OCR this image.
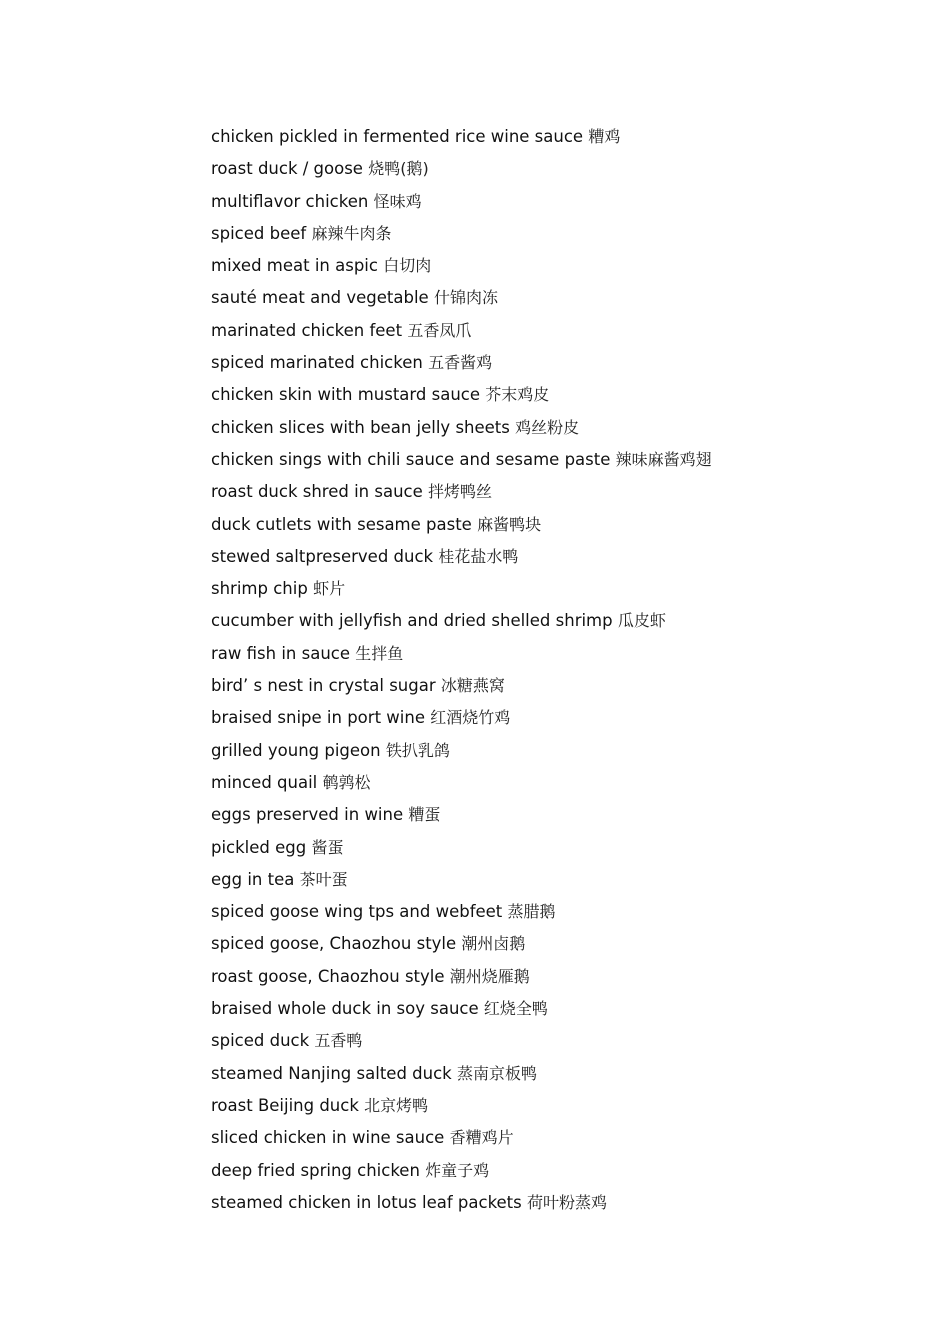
chicken pickled in fermented rice wine sauce 糟鸡
roast duck / goose 烧鸭(鹅)
multiflavor chicken 怪味鸡
spiced beef 麻辣牛肉条
mixed meat in aspic 白切肉
sauté meat and vegetable 什锦肉冻
marinated chicken feet 五香凤爪
spiced marinated chicken 五香酱鸡
chicken skin with mustard sauce 芥末鸡皮
chicken slices with bean jelly sheets 鸡丝粉皮
chicken sings with chili sauce and sesame paste 辣味麻酱鸡翅
roast duck shred in sauce 拌烤鸭丝
duck cutlets with sesame paste 麻酱鸭块
stewed saltpreserved duck 桂花盐水鸭
shrimp chip 虾片
cucumber with jellyfish and dried shelled shrimp 瓜皮虾
raw fish in sauce 生拌鱼
bird’ s nest in crystal sugar 冰糖燕窝
braised snipe in port wine 红酒烧竹鸡
grilled young pigeon 铁扒乳鸽
minced quail 鹌鹑松
eggs preserved in wine 糟蛋
pickled egg 酱蛋
egg in tea 茶叶蛋
spiced goose wing tps and webfeet 蒸腊鹅
spiced goose, Chaozhou style 潮州卤鹅
roast goose, Chaozhou style 潮州烧雁鹅
braised whole duck in soy sauce 红烧全鸭
spiced duck 五香鸭
steamed Nanjing salted duck 蒸南京板鸭
roast Beijing duck 北京烤鸭
sliced chicken in wine sauce 香糟鸡片
deep fried spring chicken 炸童子鸡
steamed chicken in lotus leaf packets 荷叶粉蒸鸡
